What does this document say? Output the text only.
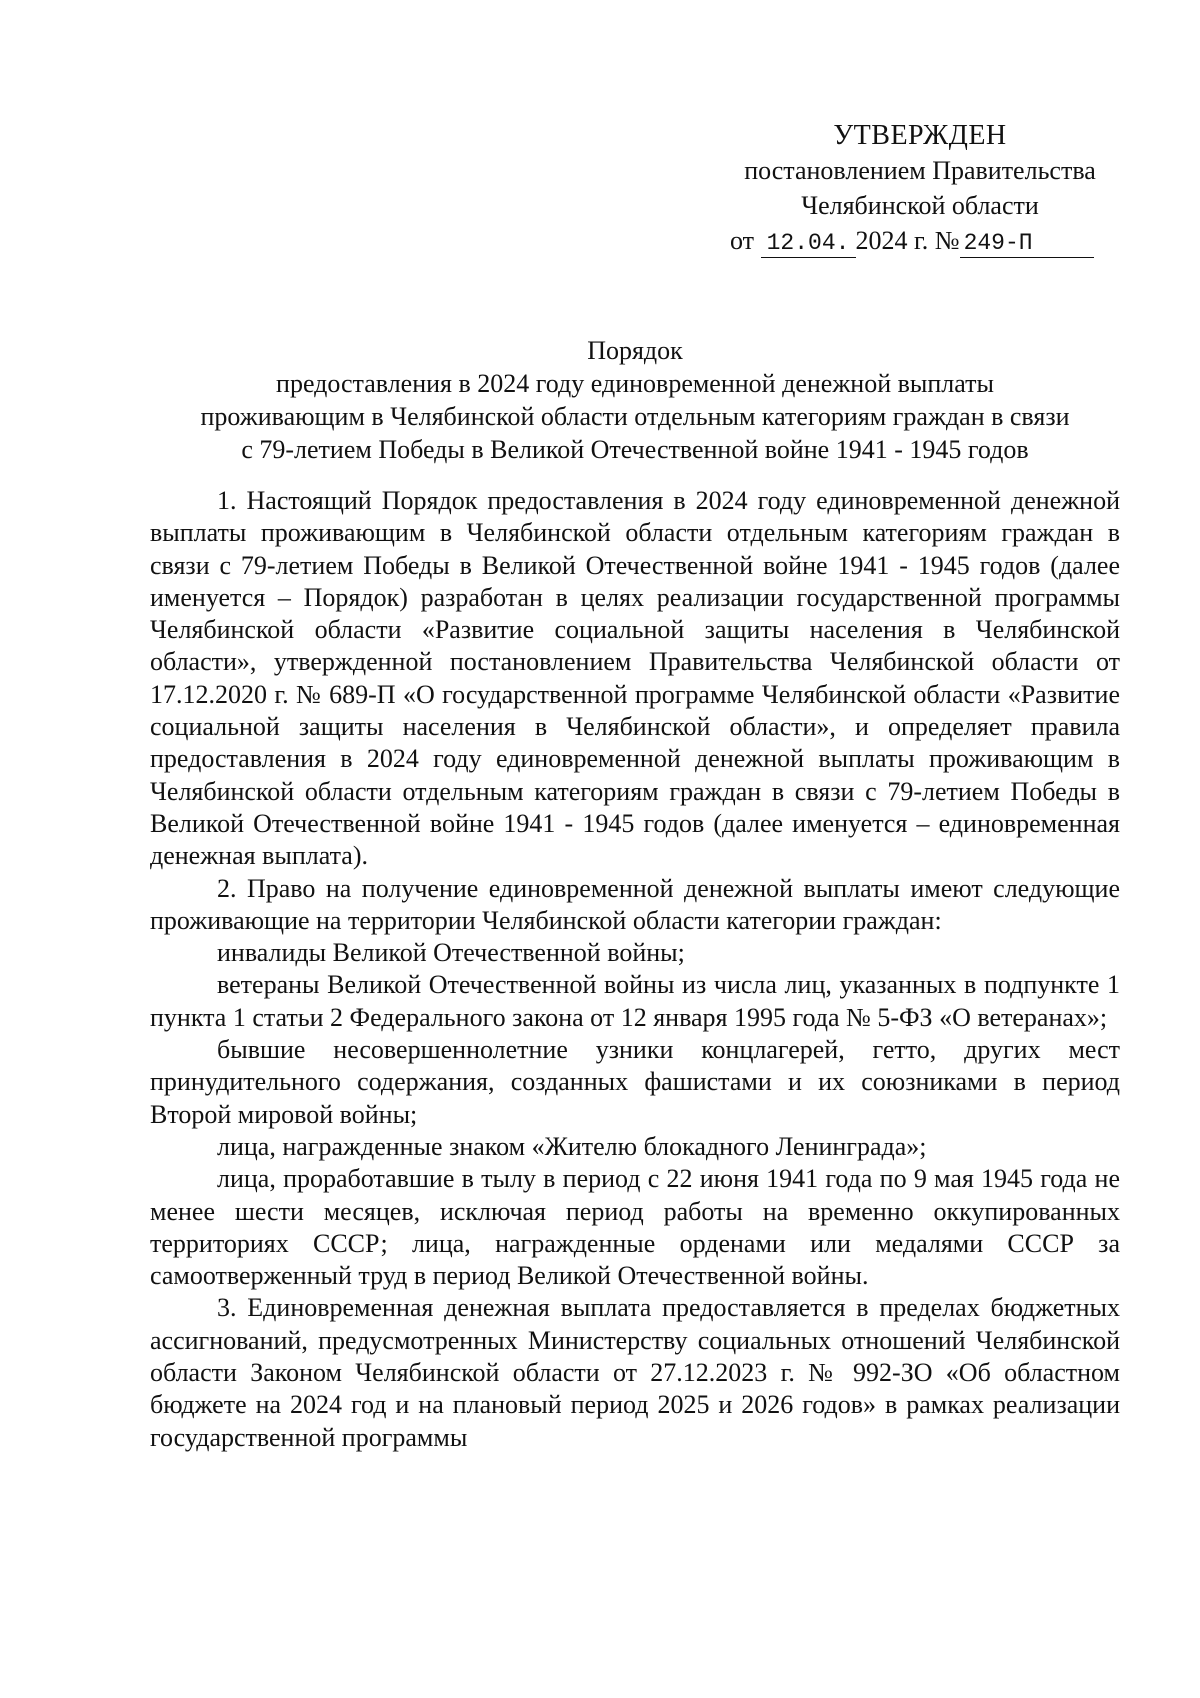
УТВЕРЖДЕН
постановлением Правительства
Челябинской области
от 12.04. 2024 г. № 249-П
Порядок
предоставления в 2024 году единовременной денежной выплаты
проживающим в Челябинской области отдельным категориям граждан в связи
с 79-летием Победы в Великой Отечественной войне 1941 - 1945 годов

1. Настоящий Порядок предоставления в 2024 году единовременной денежной выплаты проживающим в Челябинской области отдельным категориям граждан в связи с 79-летием Победы в Великой Отечественной войне 1941 - 1945 годов (далее именуется – Порядок) разработан в целях реализации государственной программы Челябинской области «Развитие социальной защиты населения в Челябинской области», утвержденной постановлением Правительства Челябинской области от 17.12.2020 г. № 689-П «О государственной программе Челябинской области «Развитие социальной защиты населения в Челябинской области», и определяет правила предоставления в 2024 году единовременной денежной выплаты проживающим в Челябинской области отдельным категориям граждан в связи с 79-летием Победы в Великой Отечественной войне 1941 - 1945 годов (далее именуется – единовременная денежная выплата).

2. Право на получение единовременной денежной выплаты имеют следующие проживающие на территории Челябинской области категории граждан:

инвалиды Великой Отечественной войны;

ветераны Великой Отечественной войны из числа лиц, указанных в подпункте 1 пункта 1 статьи 2 Федерального закона от 12 января 1995 года № 5-ФЗ «О ветеранах»;

бывшие несовершеннолетние узники концлагерей, гетто, других мест принудительного содержания, созданных фашистами и их союзниками в период Второй мировой войны;

лица, награжденные знаком «Жителю блокадного Ленинграда»;

лица, проработавшие в тылу в период с 22 июня 1941 года по 9 мая 1945 года не менее шести месяцев, исключая период работы на временно оккупированных территориях СССР; лица, награжденные орденами или медалями СССР за самоотверженный труд в период Великой Отечественной войны.

3. Единовременная денежная выплата предоставляется в пределах бюджетных ассигнований, предусмотренных Министерству социальных отношений Челябинской области Законом Челябинской области от 27.12.2023 г. № 992-ЗО «Об областном бюджете на 2024 год и на плановый период 2025 и 2026 годов» в рамках реализации государственной программы
